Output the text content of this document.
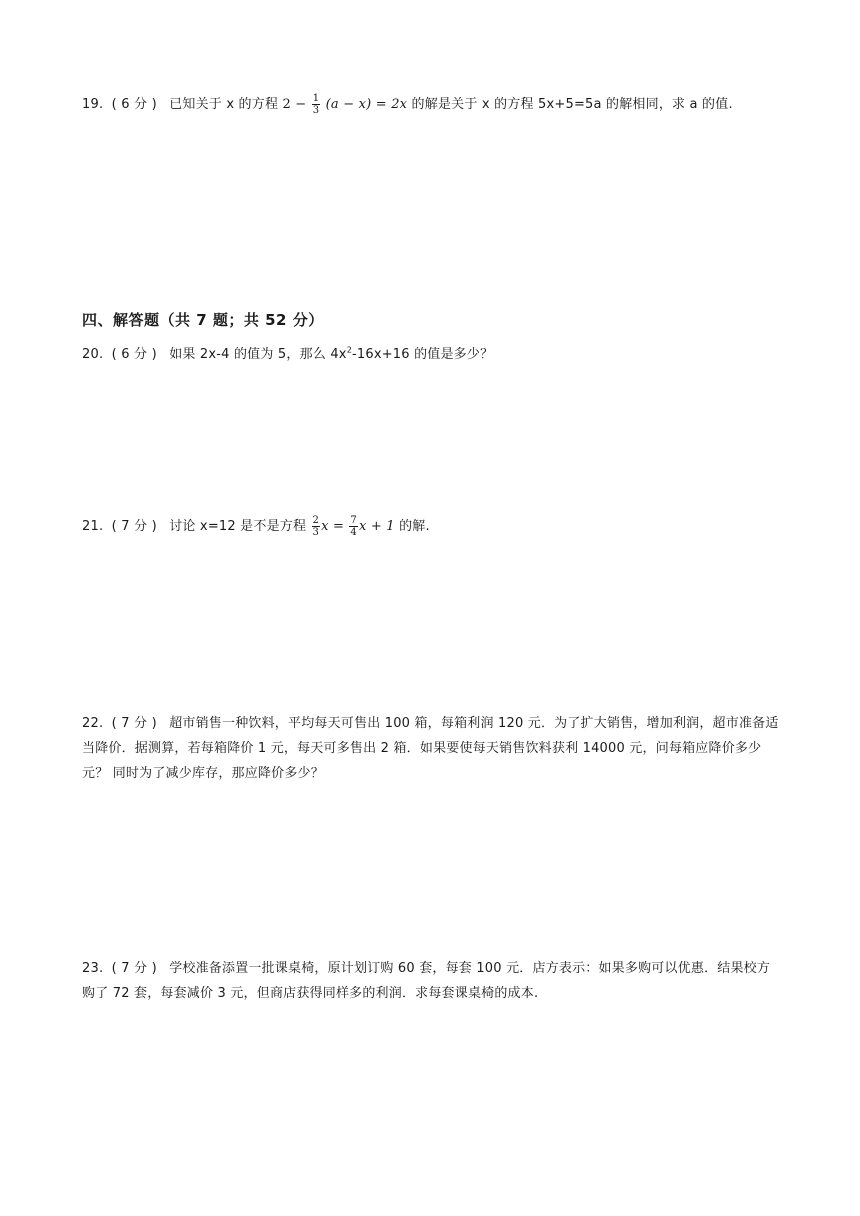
19. ( 6 分 ) 已知关于 x 的方程 $2 - \frac{1}{3} (a - x) = 2x$ 的解是关于 x 的方程 5x+5=5a 的解相同，求 a 的值.
四、解答题（共 7 题；共 52 分）
20. ( 6 分 ) 如果 2x-4 的值为 5，那么 $4x^2-16x+16$ 的值是多少？
21. ( 7 分 ) 讨论 x=12 是不是方程 $\frac{2}{3}$ $x = \frac{7}{4}$ x + 1 的解.
22. ( 7 分 ) 超市销售一种饮料，平均每天可售出 100 箱，每箱利润 120 元．为了扩大销售，增加利润，超市准备适当降价．据测算，若每箱降价 1 元，每天可多售出 2 箱．如果要使每天销售饮料获利 14000 元，问每箱应降价多少元？ 同时为了减少库存，那应降价多少？
23. ( 7 分 ) 学校准备添置一批课桌椅，原计划订购 60 套，每套 100 元．店方表示：如果多购可以优惠．结果校方购了 72 套，每套减价 3 元，但商店获得同样多的利润．求每套课桌椅的成本.
